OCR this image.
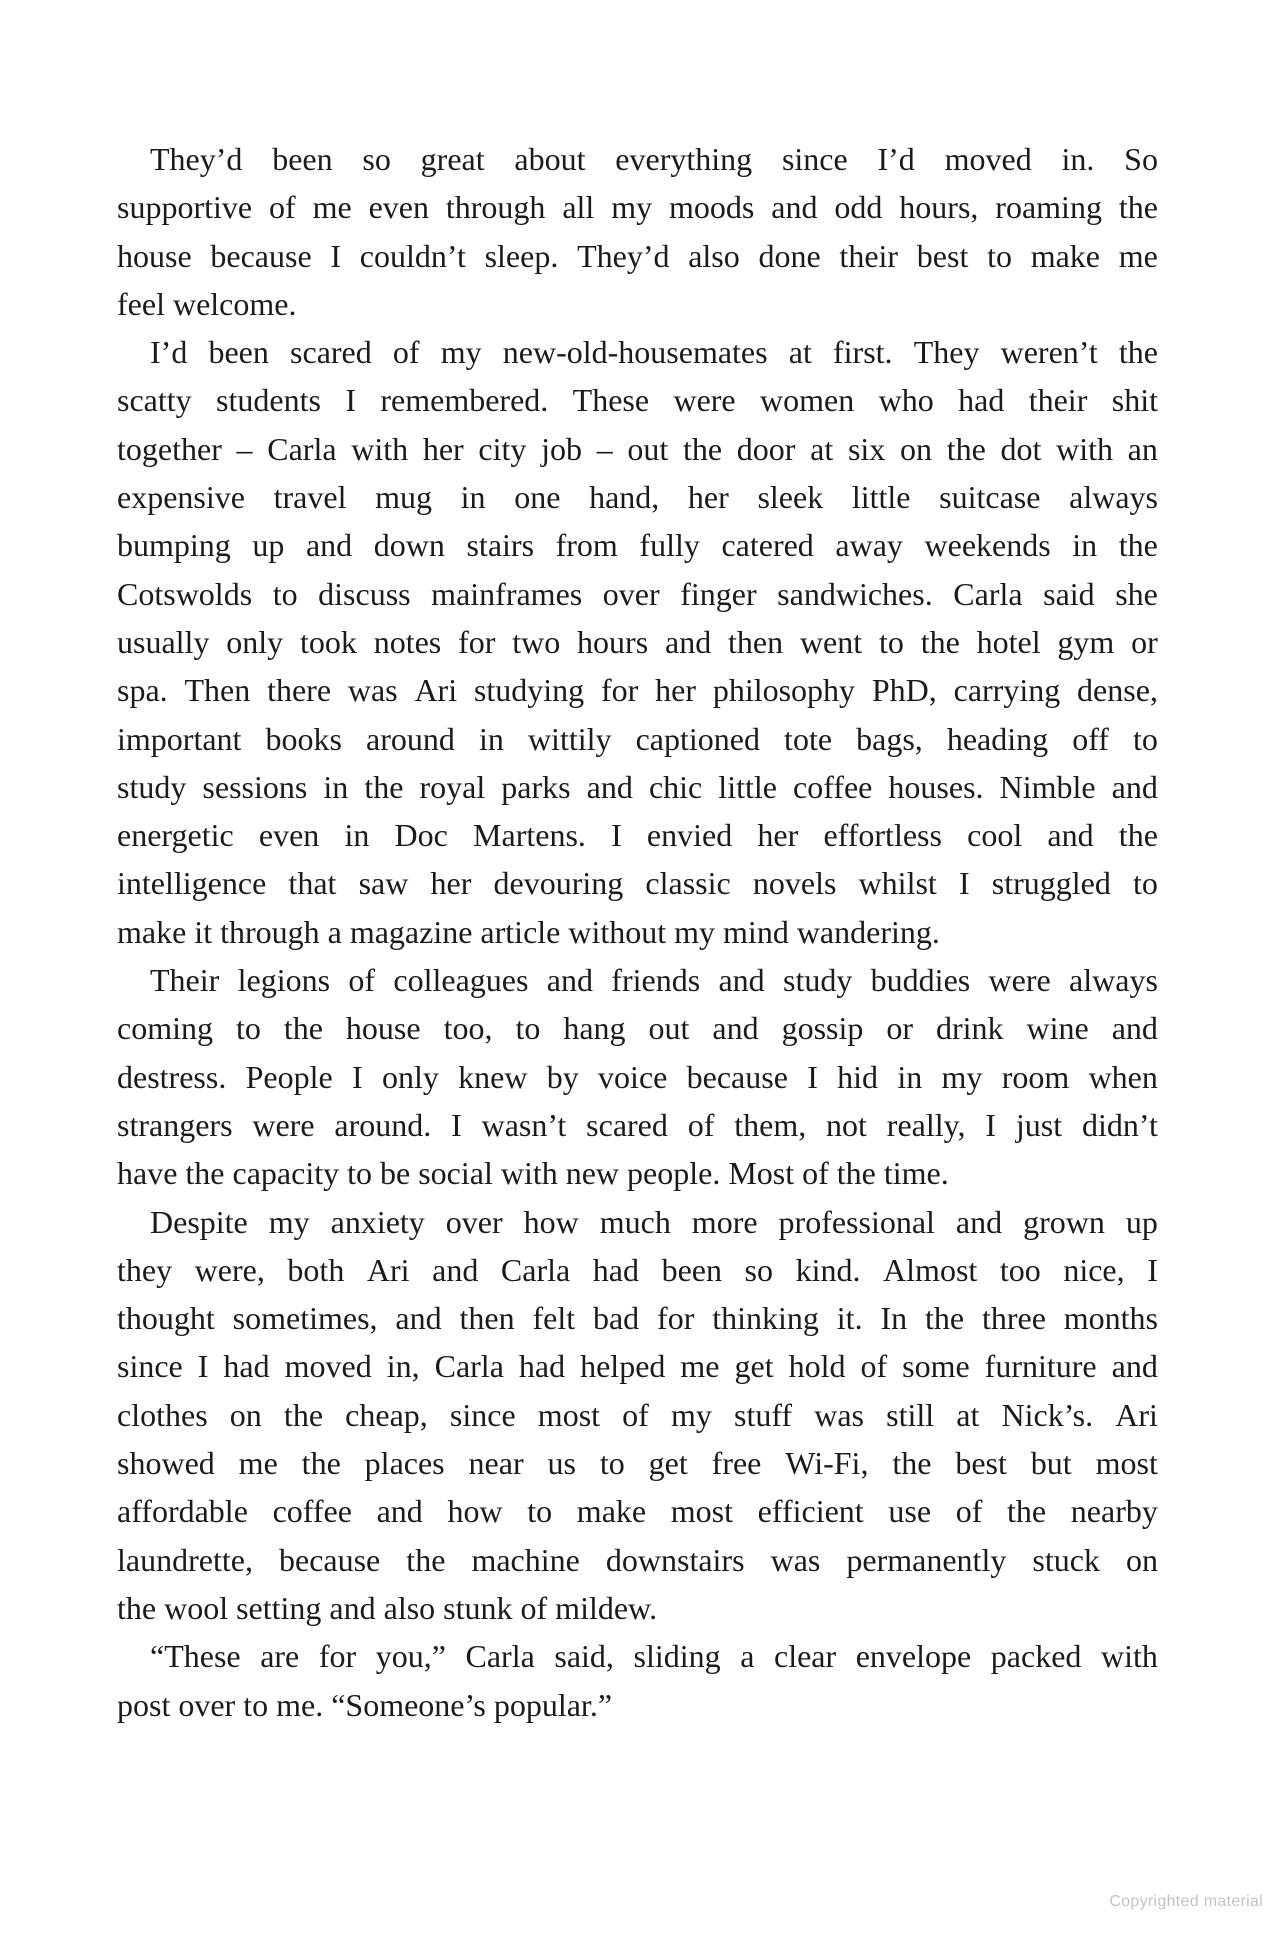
They’d been so great about everything since I’d moved in. So
supportive of me even through all my moods and odd hours, roaming the
house because I couldn’t sleep. They’d also done their best to make me
feel welcome.
I’d been scared of my new-old-housemates at first. They weren’t the
scatty students I remembered. These were women who had their shit
together – Carla with her city job – out the door at six on the dot with an
expensive travel mug in one hand, her sleek little suitcase always
bumping up and down stairs from fully catered away weekends in the
Cotswolds to discuss mainframes over finger sandwiches. Carla said she
usually only took notes for two hours and then went to the hotel gym or
spa. Then there was Ari studying for her philosophy PhD, carrying dense,
important books around in wittily captioned tote bags, heading off to
study sessions in the royal parks and chic little coffee houses. Nimble and
energetic even in Doc Martens. I envied her effortless cool and the
intelligence that saw her devouring classic novels whilst I struggled to
make it through a magazine article without my mind wandering.
Their legions of colleagues and friends and study buddies were always
coming to the house too, to hang out and gossip or drink wine and
destress. People I only knew by voice because I hid in my room when
strangers were around. I wasn’t scared of them, not really, I just didn’t
have the capacity to be social with new people. Most of the time.
Despite my anxiety over how much more professional and grown up
they were, both Ari and Carla had been so kind. Almost too nice, I
thought sometimes, and then felt bad for thinking it. In the three months
since I had moved in, Carla had helped me get hold of some furniture and
clothes on the cheap, since most of my stuff was still at Nick’s. Ari
showed me the places near us to get free Wi-Fi, the best but most
affordable coffee and how to make most efficient use of the nearby
laundrette, because the machine downstairs was permanently stuck on
the wool setting and also stunk of mildew.
“These are for you,” Carla said, sliding a clear envelope packed with
post over to me. “Someone’s popular.”
Copyrighted material
